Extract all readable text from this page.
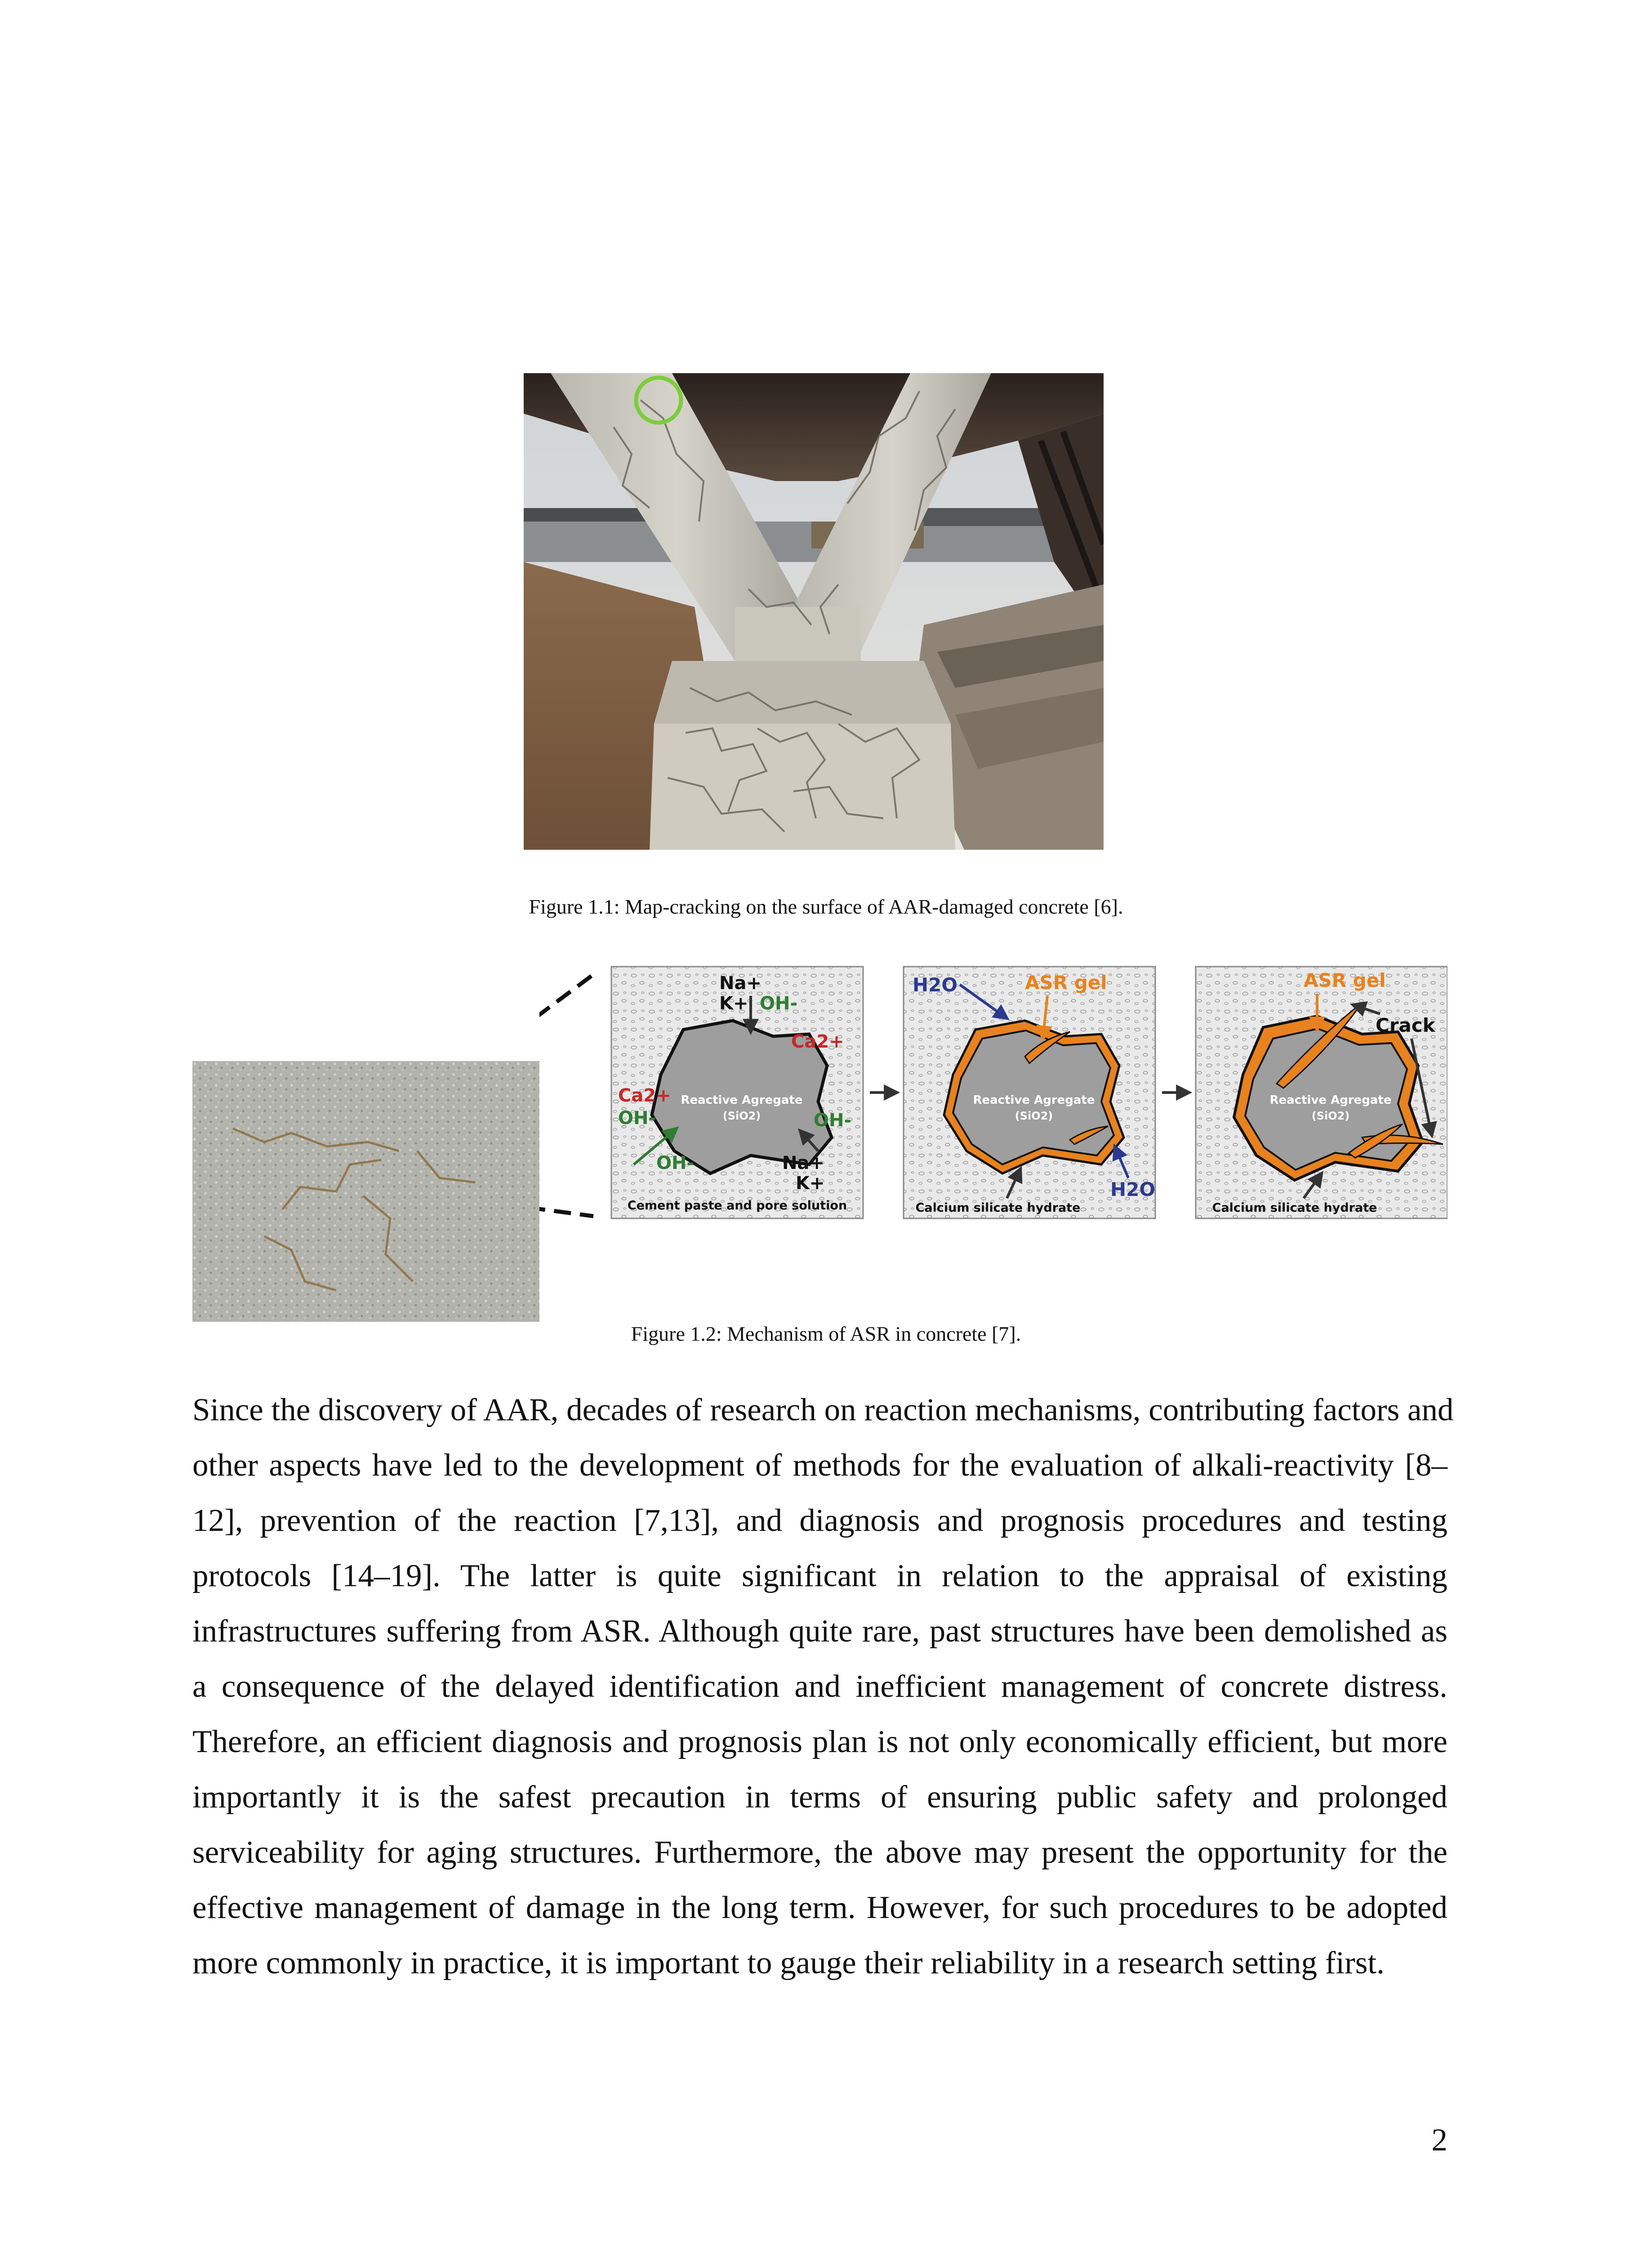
Figure 1.1: Map-cracking on the surface of AAR-damaged concrete [6].
Reactive Agregate
(SiO2)
Na+
K+ OH-
Ca2+
Ca2+
OH-
OH-
OH-
Na+
K+
Cement paste and pore solution
Reactive Agregate
(SiO2)
H2O	ASR gel
H2O
Calcium silicate hydrate
Reactive Agregate
(SiO2)
ASR gel
Crack
Calcium silicate hydrate
Figure 1.2: Mechanism of ASR in concrete [7].
Since the discovery of AAR, decades of research on reaction mechanisms, contributing factors and
other aspects have led to the development of methods for the evaluation of alkali-reactivity [8–
12], prevention of the reaction [7,13], and diagnosis and prognosis procedures and testing
protocols [14–19]. The latter is quite significant in relation to the appraisal of existing
infrastructures suffering from ASR. Although quite rare, past structures have been demolished as
a consequence of the delayed identification and inefficient management of concrete distress.
Therefore, an efficient diagnosis and prognosis plan is not only economically efficient, but more
importantly it is the safest precaution in terms of ensuring public safety and prolonged
serviceability for aging structures. Furthermore, the above may present the opportunity for the
effective management of damage in the long term. However, for such procedures to be adopted
more commonly in practice, it is important to gauge their reliability in a research setting first.
2
